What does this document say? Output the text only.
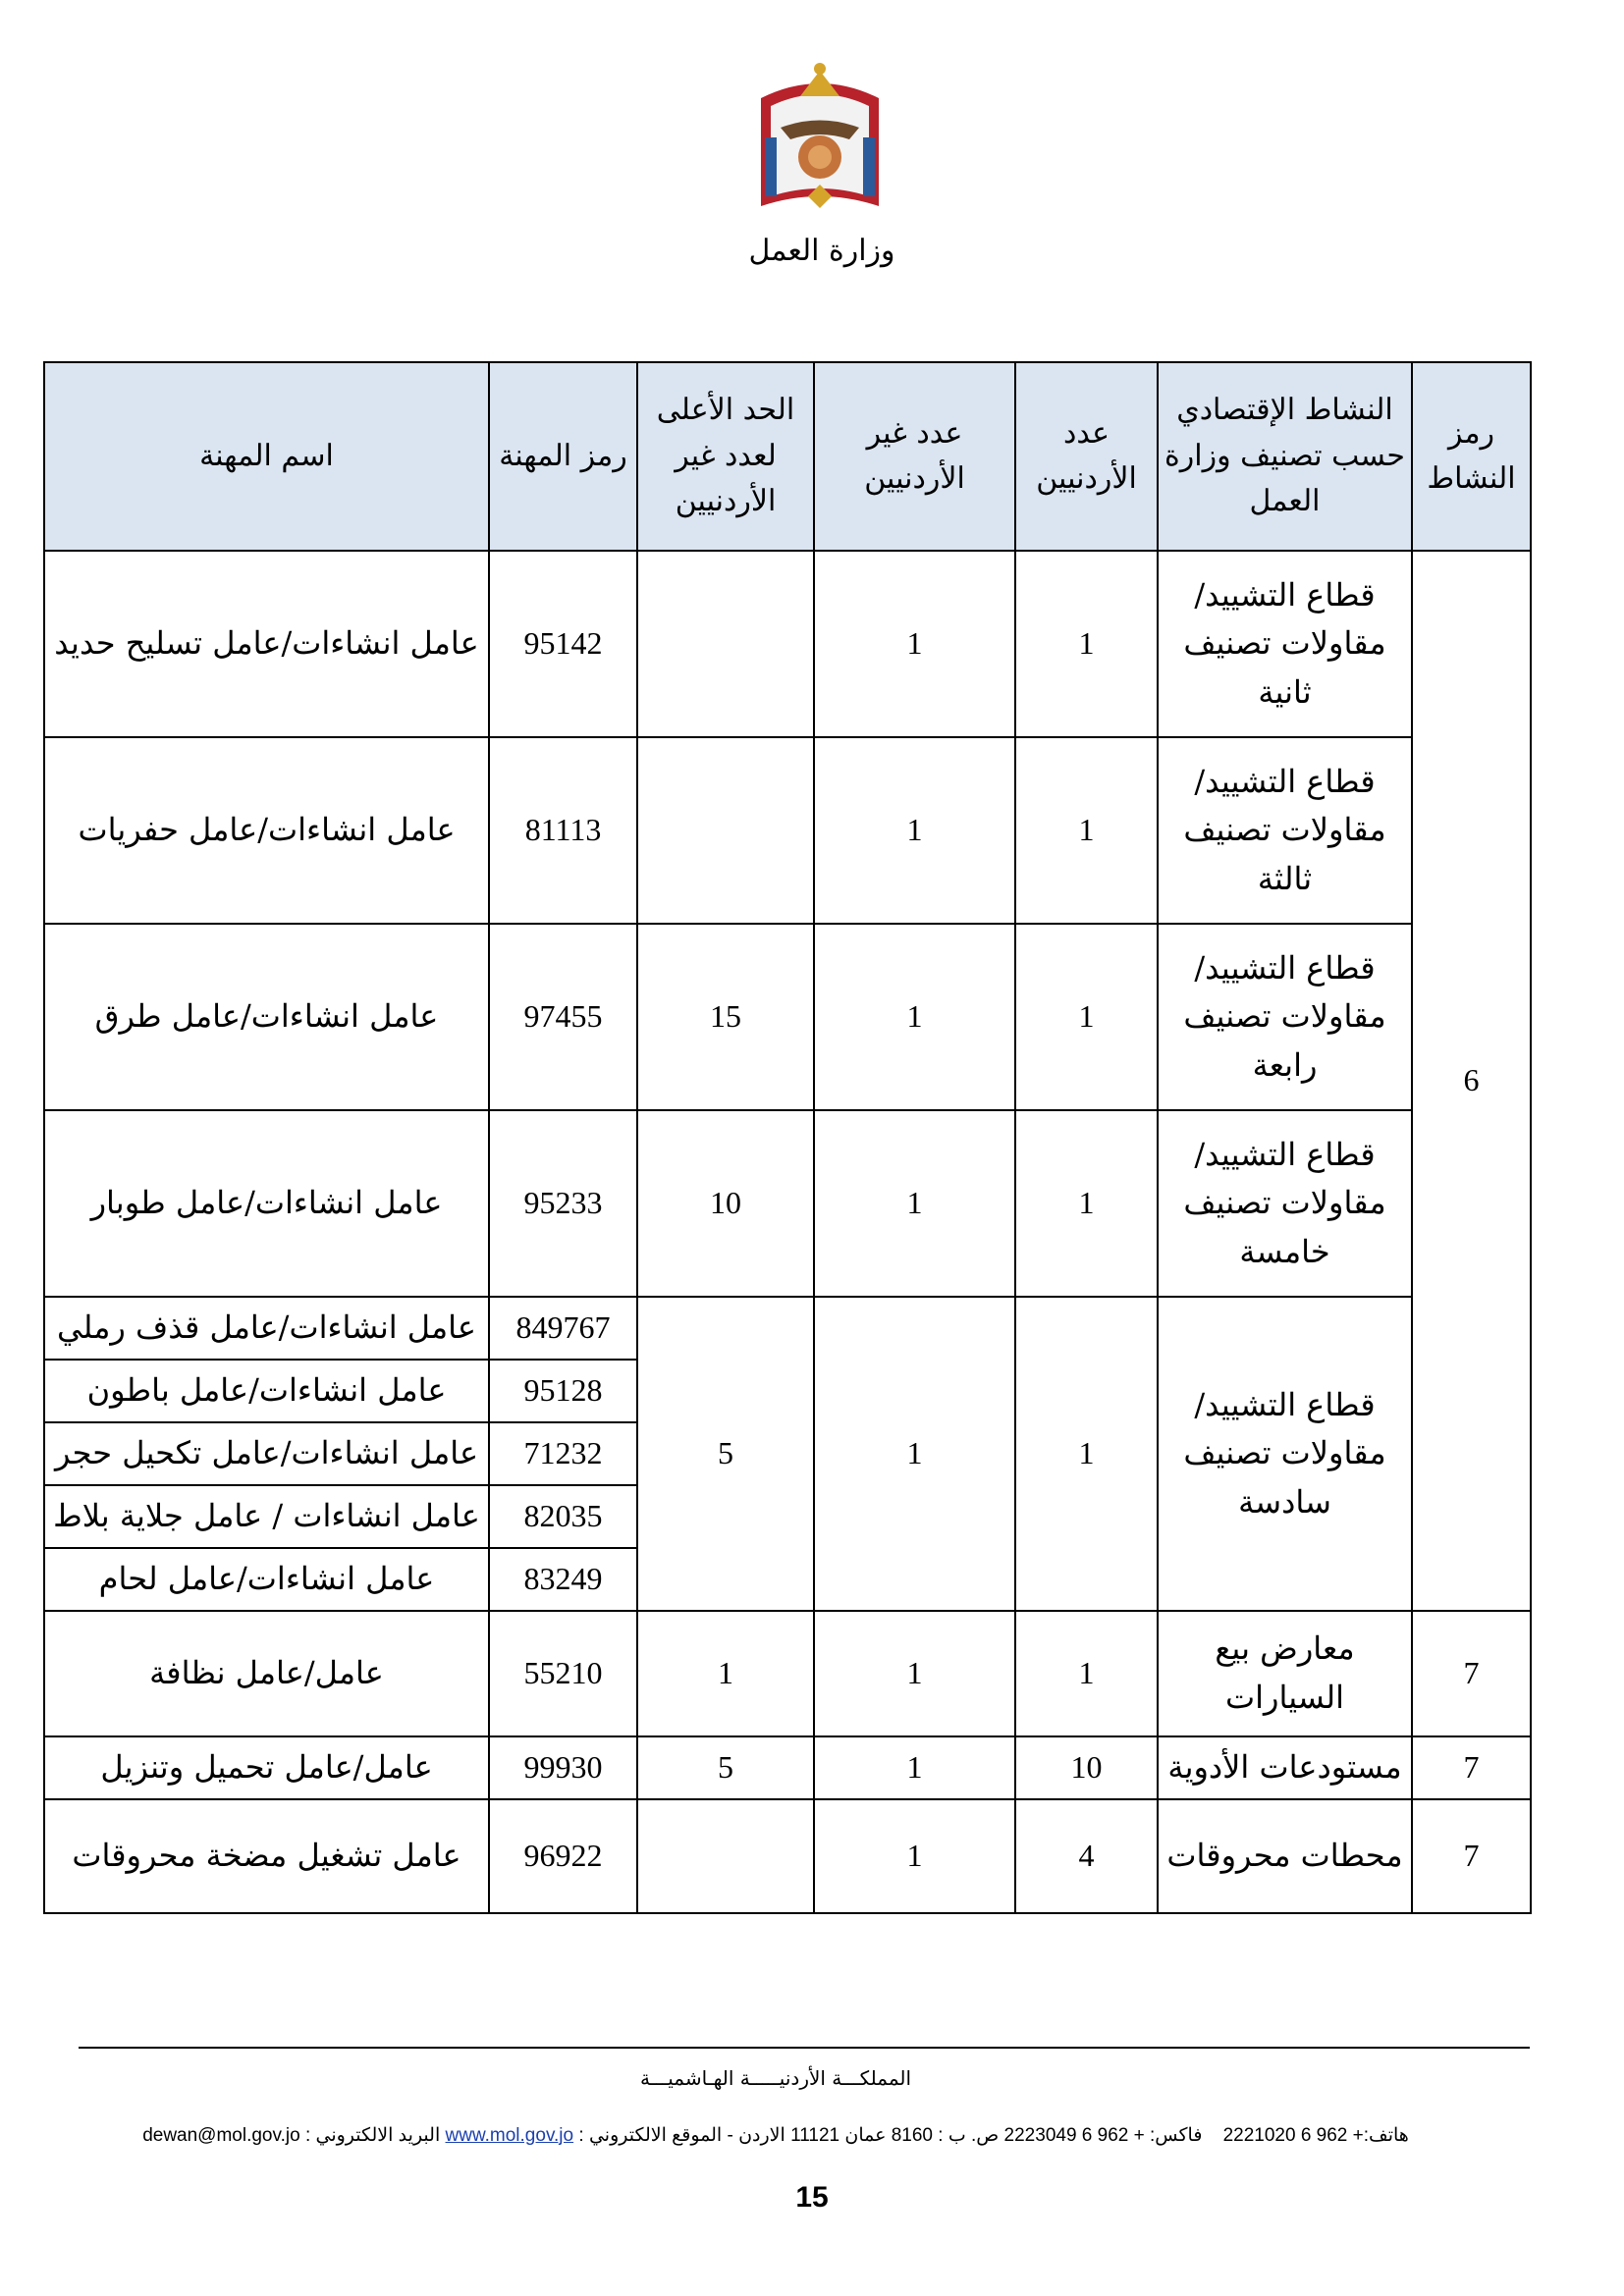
وزارة العمل
اسم المهنة	رمز المهنة	الحد الأعلى لعدد غير الأردنيين	عدد غير الأردنيين	عدد الأردنيين	النشاط الإقتصادي حسب تصنيف وزارة العمل	رمز النشاط
عامل انشاءات/عامل تسليح حديد	95142		1	1	قطاع التشييد/ مقاولات تصنيف ثانية	6
عامل انشاءات/عامل حفريات	81113		1	1	قطاع التشييد/ مقاولات تصنيف ثالثة	
عامل انشاءات/عامل طرق	97455	15	1	1	قطاع التشييد/ مقاولات تصنيف رابعة	
عامل انشاءات/عامل طوبار	95233	10	1	1	قطاع التشييد/ مقاولات تصنيف خامسة	
عامل انشاءات/عامل قذف رملي	849767	5	1	1	قطاع التشييد/ مقاولات تصنيف سادسة	
عامل انشاءات/عامل باطون	95128					
عامل انشاءات/عامل تكحيل حجر	71232					
عامل انشاءات / عامل جلاية بلاط	82035					
عامل انشاءات/عامل لحام	83249					
عامل/عامل نظافة	55210	1	1	1	معارض بيع السيارات	7
عامل/عامل تحميل وتنزيل	99930	5	1	10	مستودعات الأدوية	7
عامل تشغيل مضخة محروقات	96922		1	4	محطات محروقات	7
المملكـــة الأردنيـــــة الهـاشميـــة
هاتف:+ 962 6 2221020    فاكس: + 962 6 2223049 ص. ب : 8160 عمان 11121 الاردن - الموقع الالكتروني : www.mol.gov.jo البريد الالكتروني : dewan@mol.gov.jo
15
